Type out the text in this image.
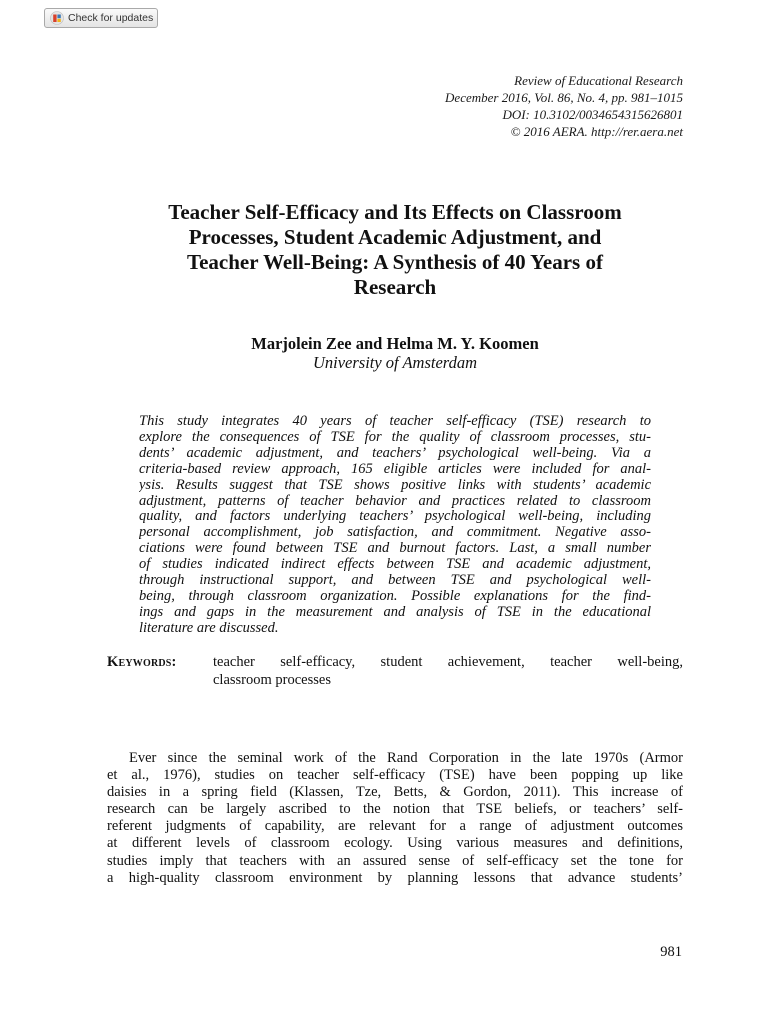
Check for updates
Review of Educational Research
December 2016, Vol. 86, No. 4, pp. 981–1015
DOI: 10.3102/0034654315626801
© 2016 AERA. http://rer.aera.net
Teacher Self-Efficacy and Its Effects on Classroom
Processes, Student Academic Adjustment, and
Teacher Well-Being: A Synthesis of 40 Years of
Research
Marjolein Zee and Helma M. Y. Koomen
University of Amsterdam
This study integrates 40 years of teacher self-efficacy (TSE) research to
explore the consequences of TSE for the quality of classroom processes, stu-
dents’ academic adjustment, and teachers’ psychological well-being. Via a
criteria-based review approach, 165 eligible articles were included for anal-
ysis. Results suggest that TSE shows positive links with students’ academic
adjustment, patterns of teacher behavior and practices related to classroom
quality, and factors underlying teachers’ psychological well-being, including
personal accomplishment, job satisfaction, and commitment. Negative asso-
ciations were found between TSE and burnout factors. Last, a small number
of studies indicated indirect effects between TSE and academic adjustment,
through instructional support, and between TSE and psychological well-
being, through classroom organization. Possible explanations for the find-
ings and gaps in the measurement and analysis of TSE in the educational
literature are discussed.
Keywords:	teacher self-efficacy, student achievement, teacher well-being,
classroom processes
Ever since the seminal work of the Rand Corporation in the late 1970s (Armor
et al., 1976), studies on teacher self-efficacy (TSE) have been popping up like
daisies in a spring field (Klassen, Tze, Betts, & Gordon, 2011). This increase of
research can be largely ascribed to the notion that TSE beliefs, or teachers’ self-
referent judgments of capability, are relevant for a range of adjustment outcomes
at different levels of classroom ecology. Using various measures and definitions,
studies imply that teachers with an assured sense of self-efficacy set the tone for
a high-quality classroom environment by planning lessons that advance students’
981
